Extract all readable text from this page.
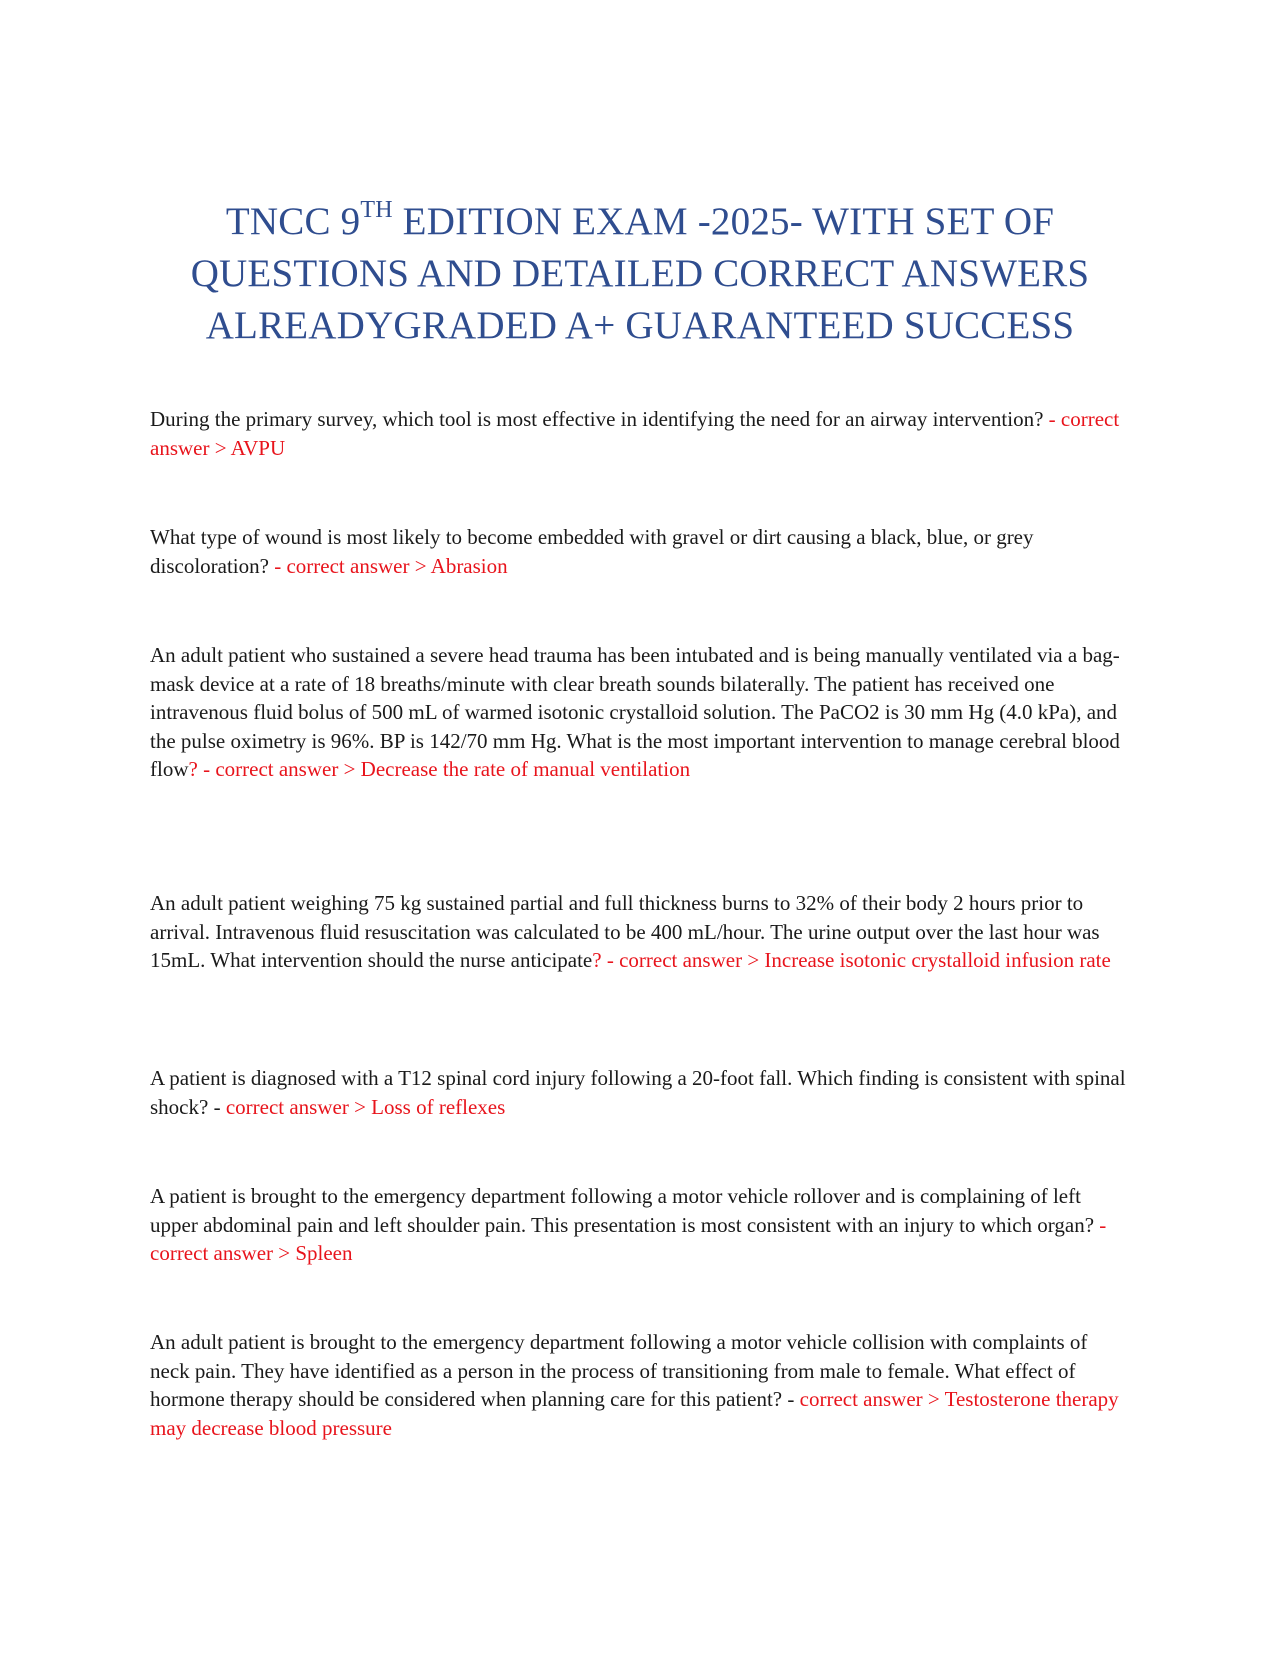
TNCC 9TH EDITION EXAM -2025- WITH SET OF
QUESTIONS AND DETAILED CORRECT ANSWERS
ALREADYGRADED A+ GUARANTEED SUCCESS

During the primary survey, which tool is most effective in identifying the need for an airway intervention? - correct answer > AVPU

What type of wound is most likely to become embedded with gravel or dirt causing a black, blue, or grey discoloration? - correct answer > Abrasion

An adult patient who sustained a severe head trauma has been intubated and is being manually ventilated via a bag-mask device at a rate of 18 breaths/minute with clear breath sounds bilaterally. The patient has received one intravenous fluid bolus of 500 mL of warmed isotonic crystalloid solution. The PaCO2 is 30 mm Hg (4.0 kPa), and the pulse oximetry is 96%. BP is 142/70 mm Hg. What is the most important intervention to manage cerebral blood flow? - correct answer > Decrease the rate of manual ventilation

An adult patient weighing 75 kg sustained partial and full thickness burns to 32% of their body 2 hours prior to arrival. Intravenous fluid resuscitation was calculated to be 400 mL/hour. The urine output over the last hour was 15mL. What intervention should the nurse anticipate? - correct answer > Increase isotonic crystalloid infusion rate

A patient is diagnosed with a T12 spinal cord injury following a 20-foot fall. Which finding is consistent with spinal shock? - correct answer > Loss of reflexes

A patient is brought to the emergency department following a motor vehicle rollover and is complaining of left upper abdominal pain and left shoulder pain. This presentation is most consistent with an injury to which organ? - correct answer > Spleen

An adult patient is brought to the emergency department following a motor vehicle collision with complaints of neck pain. They have identified as a person in the process of transitioning from male to female. What effect of hormone therapy should be considered when planning care for this patient? - correct answer > Testosterone therapy may decrease blood pressure
